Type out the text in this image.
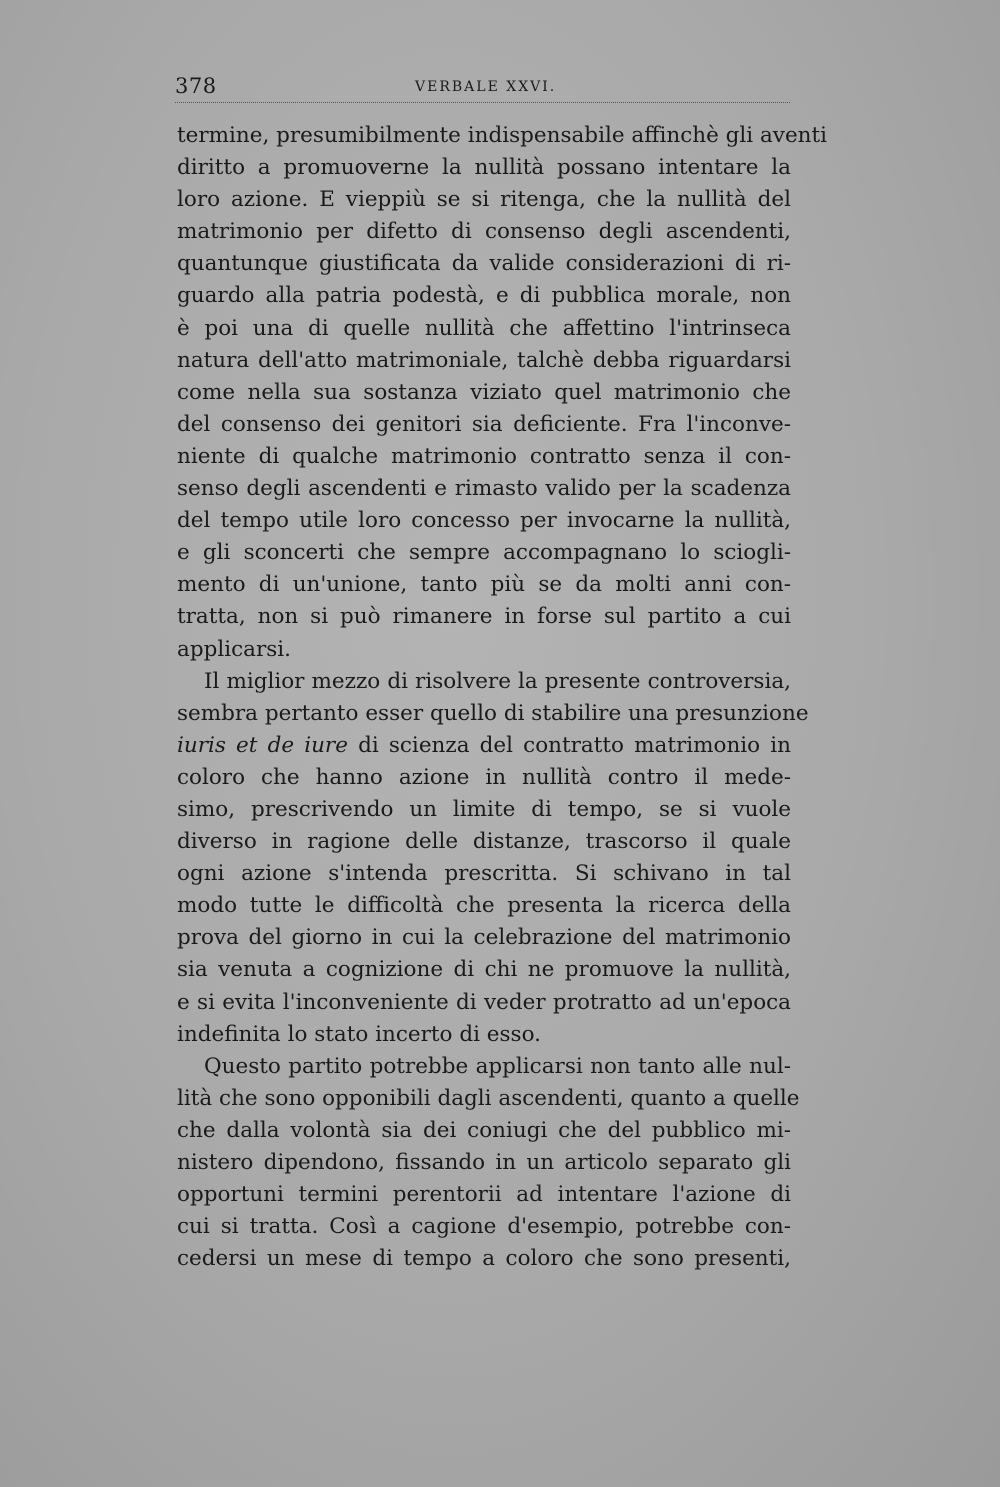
378	VERBALE XXVI.
termine, presumibilmente indispensabile affinchè gli aventi
diritto a promuoverne la nullità possano intentare la
loro azione. E vieppiù se si ritenga, che la nullità del
matrimonio per difetto di consenso degli ascendenti,
quantunque giustificata da valide considerazioni di ri-
guardo alla patria podestà, e di pubblica morale, non
è poi una di quelle nullità che affettino l'intrinseca
natura dell'atto matrimoniale, talchè debba riguardarsi
come nella sua sostanza viziato quel matrimonio che
del consenso dei genitori sia deficiente. Fra l'inconve-
niente di qualche matrimonio contratto senza il con-
senso degli ascendenti e rimasto valido per la scadenza
del tempo utile loro concesso per invocarne la nullità,
e gli sconcerti che sempre accompagnano lo sciogli-
mento di un'unione, tanto più se da molti anni con-
tratta, non si può rimanere in forse sul partito a cui
applicarsi.
Il miglior mezzo di risolvere la presente controversia,
sembra pertanto esser quello di stabilire una presunzione
iuris et de iure di scienza del contratto matrimonio in
coloro che hanno azione in nullità contro il mede-
simo, prescrivendo un limite di tempo, se si vuole
diverso in ragione delle distanze, trascorso il quale
ogni azione s'intenda prescritta. Si schivano in tal
modo tutte le difficoltà che presenta la ricerca della
prova del giorno in cui la celebrazione del matrimonio
sia venuta a cognizione di chi ne promuove la nullità,
e si evita l'inconveniente di veder protratto ad un'epoca
indefinita lo stato incerto di esso.
Questo partito potrebbe applicarsi non tanto alle nul-
lità che sono opponibili dagli ascendenti, quanto a quelle
che dalla volontà sia dei coniugi che del pubblico mi-
nistero dipendono, fissando in un articolo separato gli
opportuni termini perentorii ad intentare l'azione di
cui si tratta. Così a cagione d'esempio, potrebbe con-
cedersi un mese di tempo a coloro che sono presenti,
